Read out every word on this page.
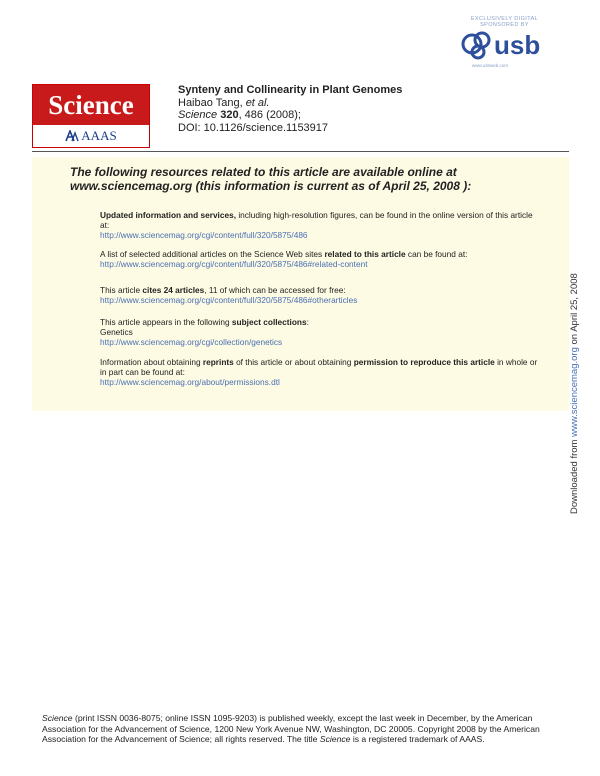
EXCLUSIVELY DIGITAL SPONSORED BY
usb
www.usbweb.com
Science
AAAS
Synteny and Collinearity in Plant Genomes
Haibao Tang, et al.
Science 320, 486 (2008);
DOI: 10.1126/science.1153917
The following resources related to this article are available online at
www.sciencemag.org (this information is current as of April 25, 2008 ):
Updated information and services, including high-resolution figures, can be found in the online version of this article at:
http://www.sciencemag.org/cgi/content/full/320/5875/486
A list of selected additional articles on the Science Web sites related to this article can be found at:
http://www.sciencemag.org/cgi/content/full/320/5875/486#related-content
This article cites 24 articles, 11 of which can be accessed for free:
http://www.sciencemag.org/cgi/content/full/320/5875/486#otherarticles
This article appears in the following subject collections:
Genetics
http://www.sciencemag.org/cgi/collection/genetics
Information about obtaining reprints of this article or about obtaining permission to reproduce this article in whole or in part can be found at:
http://www.sciencemag.org/about/permissions.dtl
Downloaded from www.sciencemag.org on April 25, 2008
Science (print ISSN 0036-8075; online ISSN 1095-9203) is published weekly, except the last week in December, by the American Association for the Advancement of Science, 1200 New York Avenue NW, Washington, DC 20005. Copyright 2008 by the American Association for the Advancement of Science; all rights reserved. The title Science is a registered trademark of AAAS.
